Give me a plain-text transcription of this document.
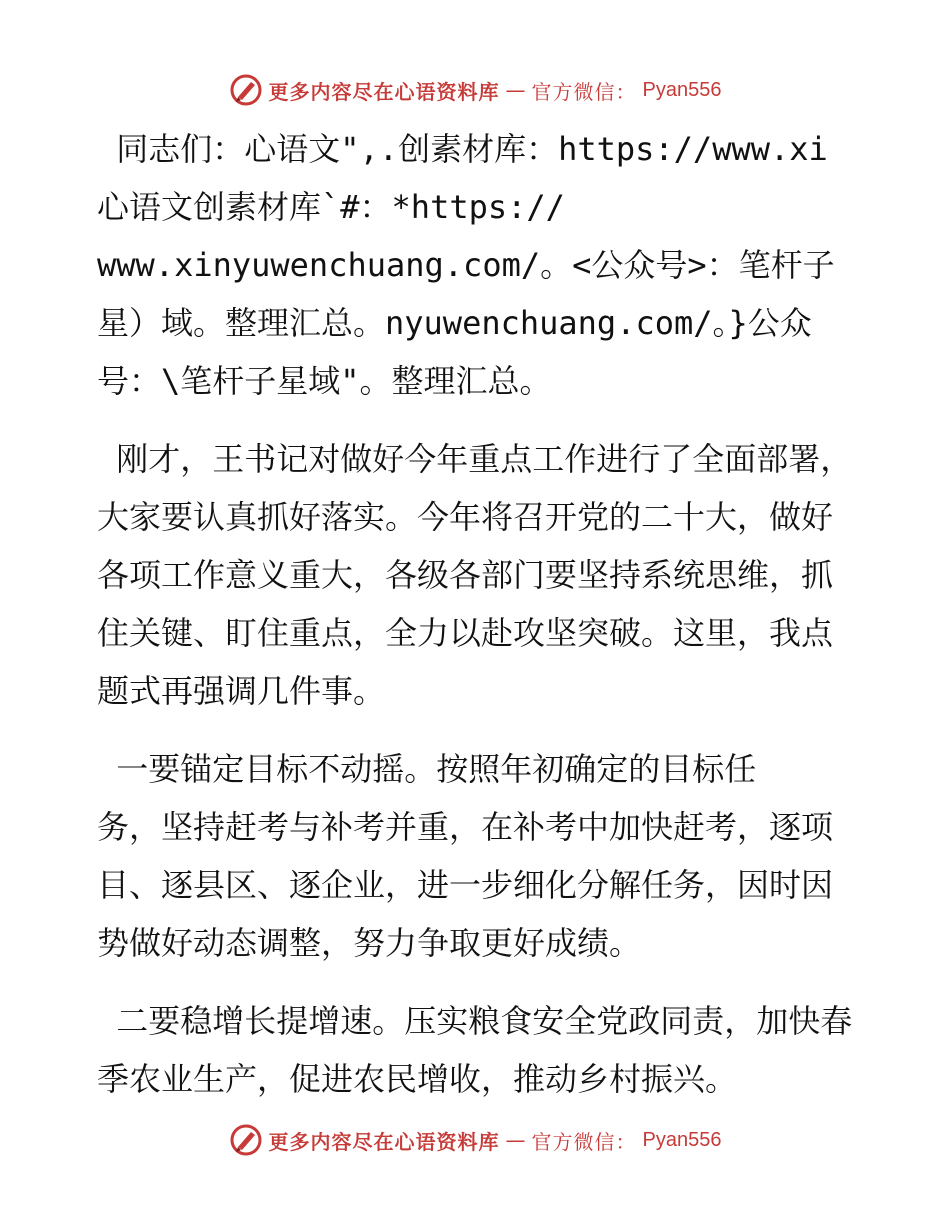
更多内容尽在心语资料库 — 官方微信： Pyan556

同志们：心语文",.创素材库：https://www.xi心语文创素材库`#：*https://
www.xinyuwenchuang.com/。<公众号>：笔杆子星）域。整理汇总。nyuwenchuang.com/。}公众号：\笔杆子星域"。整理汇总。

刚才，王书记对做好今年重点工作进行了全面部署，大家要认真抓好落实。今年将召开党的二十大，做好各项工作意义重大，各级各部门要坚持系统思维，抓住关键、盯住重点，全力以赴攻坚突破。这里，我点题式再强调几件事。

一要锚定目标不动摇。按照年初确定的目标任
务，坚持赶考与补考并重，在补考中加快赶考，逐项目、逐县区、逐企业，进一步细化分解任务，因时因势做好动态调整，努力争取更好成绩。

二要稳增长提增速。压实粮食安全党政同责，加快春季农业生产，促进农民增收，推动乡村振兴。

更多内容尽在心语资料库 — 官方微信： Pyan556
